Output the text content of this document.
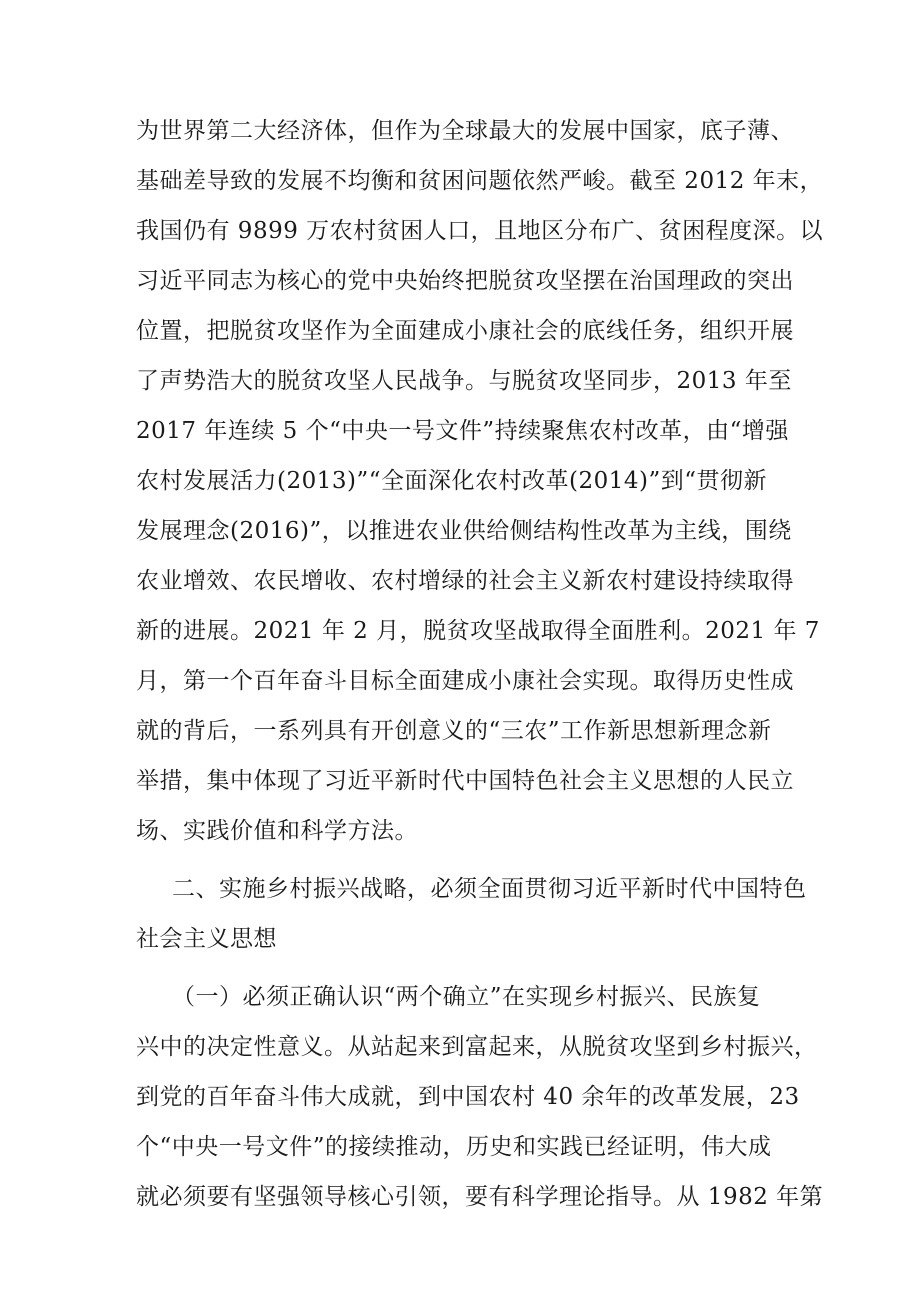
为世界第二大经济体，但作为全球最大的发展中国家，底子薄、
基础差导致的发展不均衡和贫困问题依然严峻。截至 2012 年末，
我国仍有 9899 万农村贫困人口，且地区分布广、贫困程度深。以
习近平同志为核心的党中央始终把脱贫攻坚摆在治国理政的突出
位置，把脱贫攻坚作为全面建成小康社会的底线任务，组织开展
了声势浩大的脱贫攻坚人民战争。与脱贫攻坚同步，2013 年至
2017 年连续 5 个“中央一号文件”持续聚焦农村改革，由“增强
农村发展活力(2013)”“全面深化农村改革(2014)”到“贯彻新
发展理念(2016)”，以推进农业供给侧结构性改革为主线，围绕
农业增效、农民增收、农村增绿的社会主义新农村建设持续取得
新的进展。2021 年 2 月，脱贫攻坚战取得全面胜利。2021 年 7
月，第一个百年奋斗目标全面建成小康社会实现。取得历史性成
就的背后，一系列具有开创意义的“三农”工作新思想新理念新
举措，集中体现了习近平新时代中国特色社会主义思想的人民立
场、实践价值和科学方法。
二、实施乡村振兴战略，必须全面贯彻习近平新时代中国特色
社会主义思想
（一）必须正确认识“两个确立”在实现乡村振兴、民族复
兴中的决定性意义。从站起来到富起来，从脱贫攻坚到乡村振兴，
到党的百年奋斗伟大成就，到中国农村 40 余年的改革发展，23
个“中央一号文件”的接续推动，历史和实践已经证明，伟大成
就必须要有坚强领导核心引领，要有科学理论指导。从 1982 年第
